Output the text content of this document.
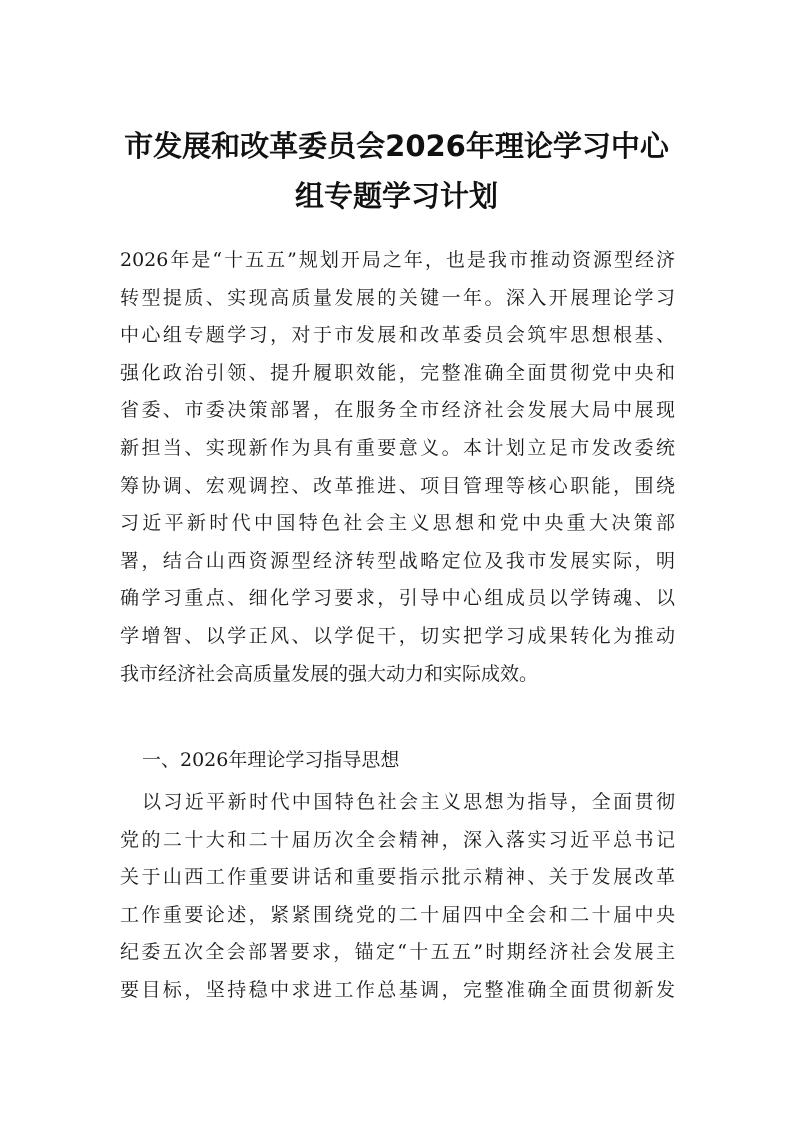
市发展和改革委员会2026年理论学习中心
组专题学习计划
2026年是“十五五”规划开局之年，也是我市推动资源型经济
转型提质、实现高质量发展的关键一年。深入开展理论学习
中心组专题学习，对于市发展和改革委员会筑牢思想根基、
强化政治引领、提升履职效能，完整准确全面贯彻党中央和
省委、市委决策部署，在服务全市经济社会发展大局中展现
新担当、实现新作为具有重要意义。本计划立足市发改委统
筹协调、宏观调控、改革推进、项目管理等核心职能，围绕
习近平新时代中国特色社会主义思想和党中央重大决策部
署，结合山西资源型经济转型战略定位及我市发展实际，明
确学习重点、细化学习要求，引导中心组成员以学铸魂、以
学增智、以学正风、以学促干，切实把学习成果转化为推动
我市经济社会高质量发展的强大动力和实际成效。
一、2026年理论学习指导思想
以习近平新时代中国特色社会主义思想为指导，全面贯彻
党的二十大和二十届历次全会精神，深入落实习近平总书记
关于山西工作重要讲话和重要指示批示精神、关于发展改革
工作重要论述，紧紧围绕党的二十届四中全会和二十届中央
纪委五次全会部署要求，锚定“十五五”时期经济社会发展主
要目标，坚持稳中求进工作总基调，完整准确全面贯彻新发
